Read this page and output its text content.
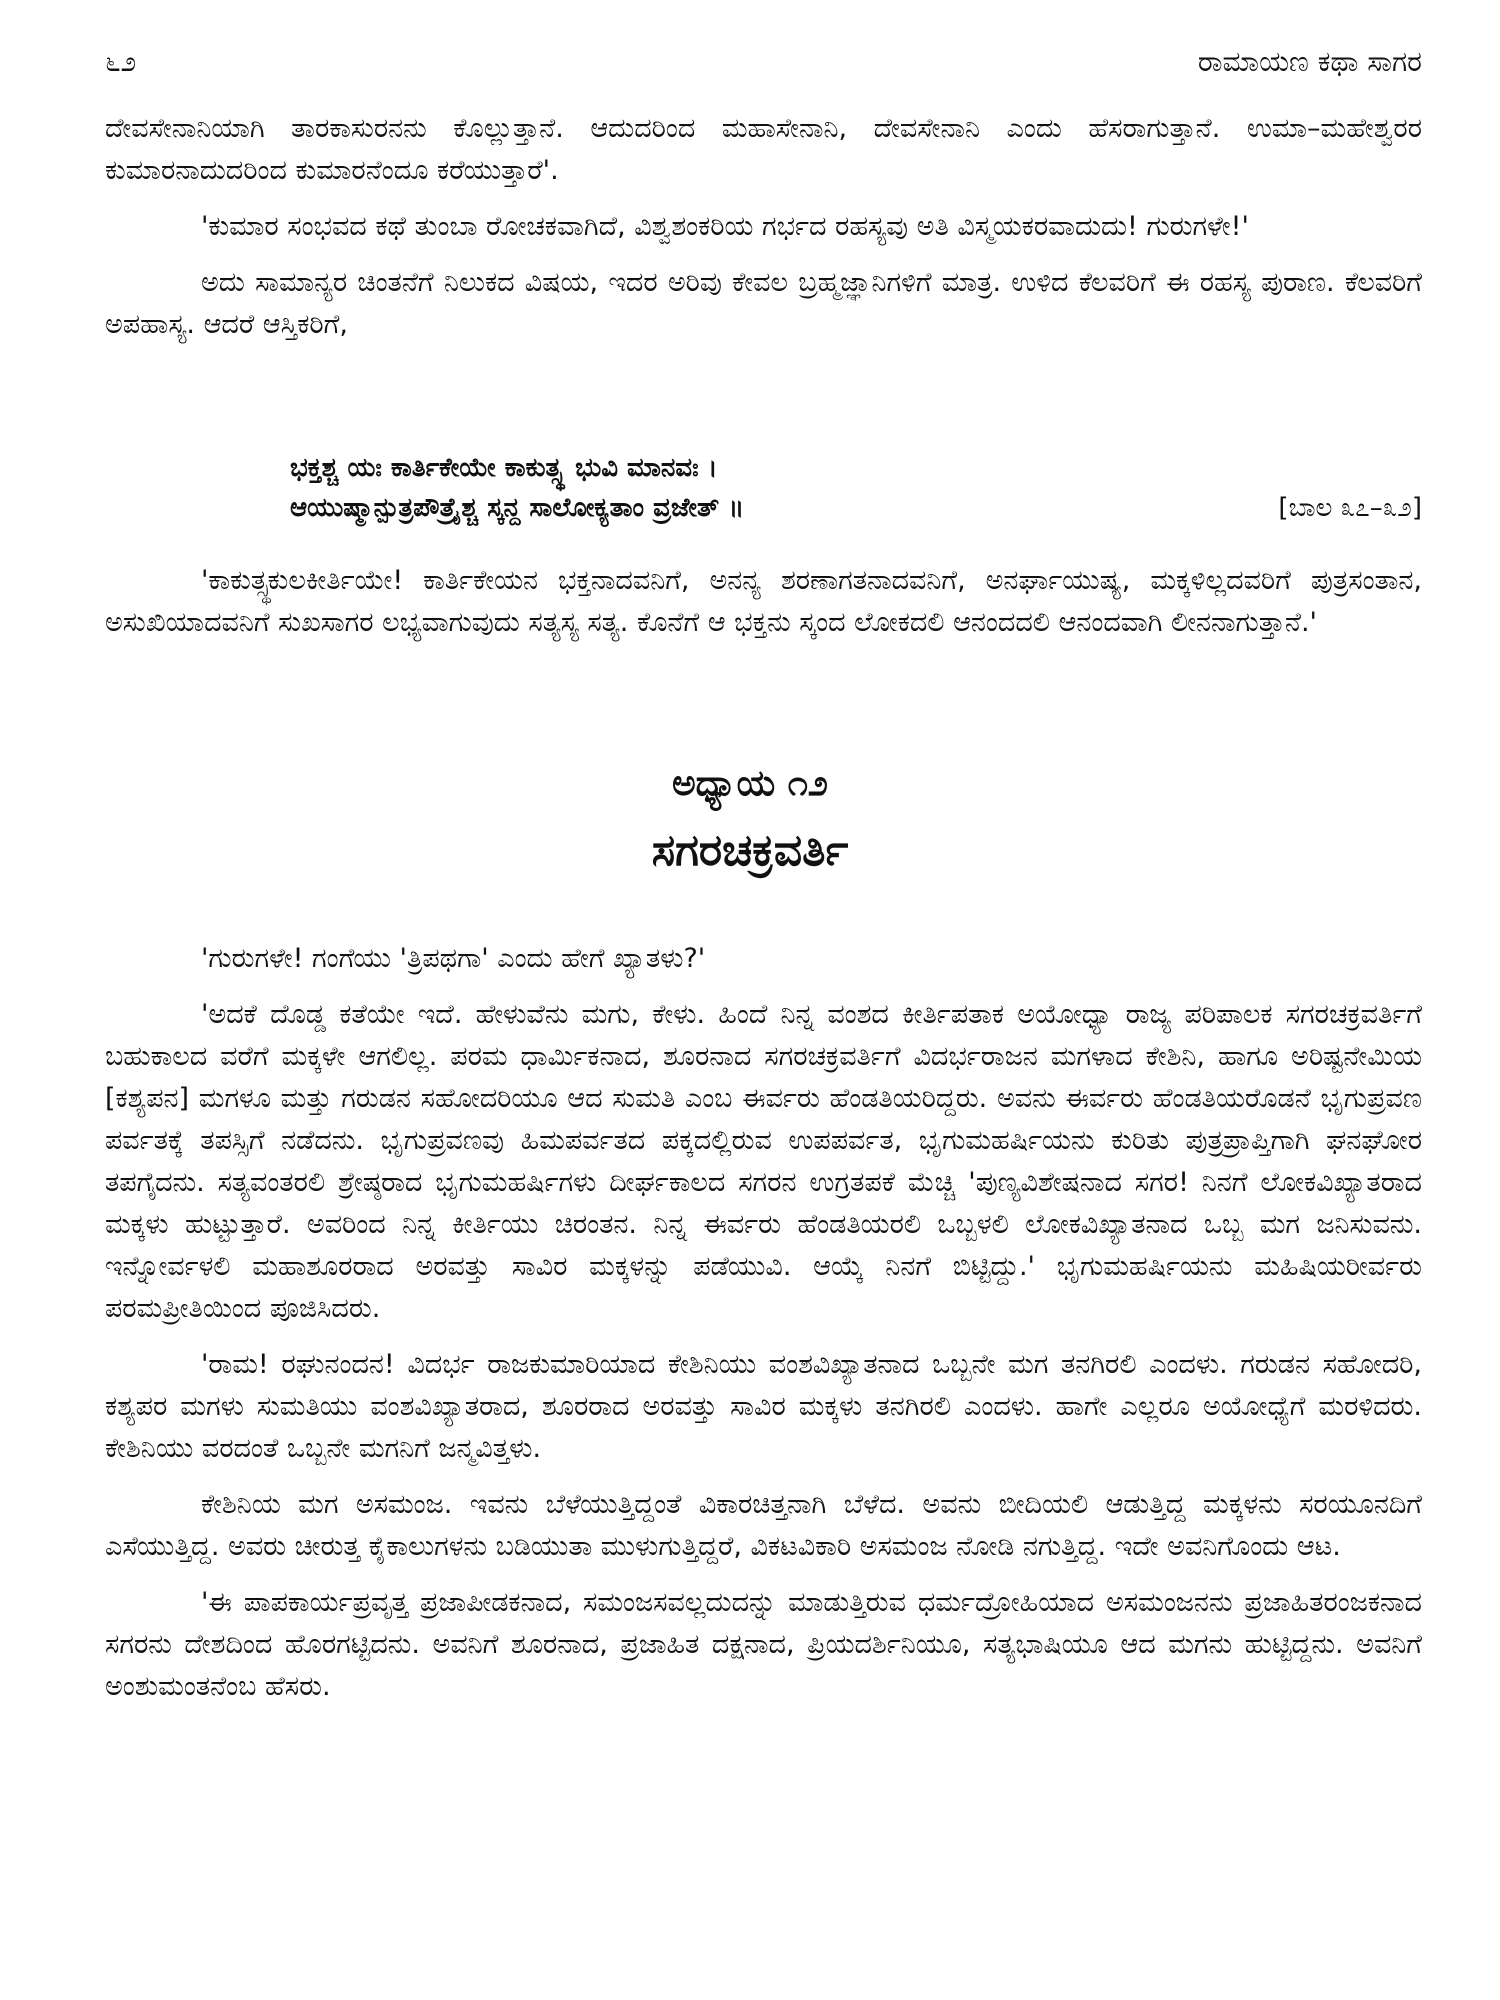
೬೨	ರಾಮಾಯಣ ಕಥಾ ಸಾಗರ

ದೇವಸೇನಾನಿಯಾಗಿ ತಾರಕಾಸುರನನು ಕೊಲ್ಲುತ್ತಾನೆ. ಆದುದರಿಂದ ಮಹಾಸೇನಾನಿ, ದೇವಸೇನಾನಿ ಎಂದು ಹೆಸರಾಗುತ್ತಾನೆ. ಉಮಾ–ಮಹೇಶ್ವರರ ಕುಮಾರನಾದುದರಿಂದ ಕುಮಾರನೆಂದೂ ಕರೆಯುತ್ತಾರೆ'.

'ಕುಮಾರ ಸಂಭವದ ಕಥೆ ತುಂಬಾ ರೋಚಕವಾಗಿದೆ, ವಿಶ್ವಶಂಕರಿಯ ಗರ್ಭದ ರಹಸ್ಯವು ಅತಿ ವಿಸ್ಮಯಕರವಾದುದು! ಗುರುಗಳೇ!'

ಅದು ಸಾಮಾನ್ಯರ ಚಿಂತನೆಗೆ ನಿಲುಕದ ವಿಷಯ, ಇದರ ಅರಿವು ಕೇವಲ ಬ್ರಹ್ಮಜ್ಞಾನಿಗಳಿಗೆ ಮಾತ್ರ. ಉಳಿದ ಕೆಲವರಿಗೆ ಈ ರಹಸ್ಯ ಪುರಾಣ. ಕೆಲವರಿಗೆ ಅಪಹಾಸ್ಯ. ಆದರೆ ಆಸ್ತಿಕರಿಗೆ,

ಭಕ್ತಶ್ಚ ಯಃ ಕಾರ್ತಿಕೇಯೇ ಕಾಕುತ್ಸ್ಥ ಭುವಿ ಮಾನವಃ ।
ಆಯುಷ್ಮಾನ್ಪುತ್ರಪೌತ್ರೈಶ್ಚ ಸ್ಕನ್ದ ಸಾಲೋಕ್ಯತಾಂ ವ್ರಜೇತ್ ॥	[ಬಾಲ ೩೭–೩೨]

'ಕಾಕುತ್ಸ್ಥಕುಲಕೀರ್ತಿಯೇ! ಕಾರ್ತಿಕೇಯನ ಭಕ್ತನಾದವನಿಗೆ, ಅನನ್ಯ ಶರಣಾಗತನಾದವನಿಗೆ, ಅನರ್ಘಾಯುಷ್ಯ, ಮಕ್ಕಳಿಲ್ಲದವರಿಗೆ ಪುತ್ರಸಂತಾನ, ಅಸುಖಿಯಾದವನಿಗೆ ಸುಖಸಾಗರ ಲಭ್ಯವಾಗುವುದು ಸತ್ಯಸ್ಯ ಸತ್ಯ. ಕೊನೆಗೆ ಆ ಭಕ್ತನು ಸ್ಕಂದ ಲೋಕದಲಿ ಆನಂದದಲಿ ಆನಂದವಾಗಿ ಲೀನನಾಗುತ್ತಾನೆ.'

ಅಧ್ಯಾಯ ೧೨
ಸಗರಚಕ್ರವರ್ತಿ

'ಗುರುಗಳೇ! ಗಂಗೆಯು 'ತ್ರಿಪಥಗಾ' ಎಂದು ಹೇಗೆ ಖ್ಯಾತಳು?'

'ಅದಕೆ ದೊಡ್ಡ ಕತೆಯೇ ಇದೆ. ಹೇಳುವೆನು ಮಗು, ಕೇಳು. ಹಿಂದೆ ನಿನ್ನ ವಂಶದ ಕೀರ್ತಿಪತಾಕ ಅಯೋಧ್ಯಾ ರಾಜ್ಯ ಪರಿಪಾಲಕ ಸಗರಚಕ್ರವರ್ತಿಗೆ ಬಹುಕಾಲದ ವರೆಗೆ ಮಕ್ಕಳೇ ಆಗಲಿಲ್ಲ. ಪರಮ ಧಾರ್ಮಿಕನಾದ, ಶೂರನಾದ ಸಗರಚಕ್ರವರ್ತಿಗೆ ವಿದರ್ಭರಾಜನ ಮಗಳಾದ ಕೇಶಿನಿ, ಹಾಗೂ ಅರಿಷ್ಟನೇಮಿಯ [ಕಶ್ಯಪನ] ಮಗಳೂ ಮತ್ತು ಗರುಡನ ಸಹೋದರಿಯೂ ಆದ ಸುಮತಿ ಎಂಬ ಈರ್ವರು ಹೆಂಡತಿಯರಿದ್ದರು. ಅವನು ಈರ್ವರು ಹೆಂಡತಿಯರೊಡನೆ ಭೃಗುಪ್ರವಣ ಪರ್ವತಕ್ಕೆ ತಪಸ್ಸಿಗೆ ನಡೆದನು. ಭೃಗುಪ್ರವಣವು ಹಿಮಪರ್ವತದ ಪಕ್ಕದಲ್ಲಿರುವ ಉಪಪರ್ವತ, ಭೃಗುಮಹರ್ಷಿಯನು ಕುರಿತು ಪುತ್ರಪ್ರಾಪ್ತಿಗಾಗಿ ಘನಘೋರ ತಪಗೈದನು. ಸತ್ಯವಂತರಲಿ ಶ್ರೇಷ್ಠರಾದ ಭೃಗುಮಹರ್ಷಿಗಳು ದೀರ್ಘಕಾಲದ ಸಗರನ ಉಗ್ರತಪಕೆ ಮೆಚ್ಚಿ 'ಪುಣ್ಯವಿಶೇಷನಾದ ಸಗರ! ನಿನಗೆ ಲೋಕವಿಖ್ಯಾತರಾದ ಮಕ್ಕಳು ಹುಟ್ಟುತ್ತಾರೆ. ಅವರಿಂದ ನಿನ್ನ ಕೀರ್ತಿಯು ಚಿರಂತನ. ನಿನ್ನ ಈರ್ವರು ಹೆಂಡತಿಯರಲಿ ಒಬ್ಬಳಲಿ ಲೋಕವಿಖ್ಯಾತನಾದ ಒಬ್ಬ ಮಗ ಜನಿಸುವನು. ಇನ್ನೋರ್ವಳಲಿ ಮಹಾಶೂರರಾದ ಅರವತ್ತು ಸಾವಿರ ಮಕ್ಕಳನ್ನು ಪಡೆಯುವಿ. ಆಯ್ಕೆ ನಿನಗೆ ಬಿಟ್ಟಿದ್ದು.' ಭೃಗುಮಹರ್ಷಿಯನು ಮಹಿಷಿಯರೀರ್ವರು ಪರಮಪ್ರೀತಿಯಿಂದ ಪೂಜಿಸಿದರು.

'ರಾಮ! ರಘುನಂದನ! ವಿದರ್ಭ ರಾಜಕುಮಾರಿಯಾದ ಕೇಶಿನಿಯು ವಂಶವಿಖ್ಯಾತನಾದ ಒಬ್ಬನೇ ಮಗ ತನಗಿರಲಿ ಎಂದಳು. ಗರುಡನ ಸಹೋದರಿ, ಕಶ್ಯಪರ ಮಗಳು ಸುಮತಿಯು ವಂಶವಿಖ್ಯಾತರಾದ, ಶೂರರಾದ ಅರವತ್ತು ಸಾವಿರ ಮಕ್ಕಳು ತನಗಿರಲಿ ಎಂದಳು. ಹಾಗೇ ಎಲ್ಲರೂ ಅಯೋಧ್ಯೆಗೆ ಮರಳಿದರು. ಕೇಶಿನಿಯು ವರದಂತೆ ಒಬ್ಬನೇ ಮಗನಿಗೆ ಜನ್ಮವಿತ್ತಳು.

ಕೇಶಿನಿಯ ಮಗ ಅಸಮಂಜ. ಇವನು ಬೆಳೆಯುತ್ತಿದ್ದಂತೆ ವಿಕಾರಚಿತ್ತನಾಗಿ ಬೆಳೆದ. ಅವನು ಬೀದಿಯಲಿ ಆಡುತ್ತಿದ್ದ ಮಕ್ಕಳನು ಸರಯೂನದಿಗೆ ಎಸೆಯುತ್ತಿದ್ದ. ಅವರು ಚೀರುತ್ತ ಕೈಕಾಲುಗಳನು ಬಡಿಯುತಾ ಮುಳುಗುತ್ತಿದ್ದರೆ, ವಿಕಟವಿಕಾರಿ ಅಸಮಂಜ ನೋಡಿ ನಗುತ್ತಿದ್ದ. ಇದೇ ಅವನಿಗೊಂದು ಆಟ.

'ಈ ಪಾಪಕಾರ್ಯಪ್ರವೃತ್ತ ಪ್ರಜಾಪೀಡಕನಾದ, ಸಮಂಜಸವಲ್ಲದುದನ್ನು ಮಾಡುತ್ತಿರುವ ಧರ್ಮದ್ರೋಹಿಯಾದ ಅಸಮಂಜನನು ಪ್ರಜಾಹಿತರಂಜಕನಾದ ಸಗರನು ದೇಶದಿಂದ ಹೊರಗಟ್ಟಿದನು. ಅವನಿಗೆ ಶೂರನಾದ, ಪ್ರಜಾಹಿತ ದಕ್ಷನಾದ, ಪ್ರಿಯದರ್ಶಿನಿಯೂ, ಸತ್ಯಭಾಷಿಯೂ ಆದ ಮಗನು ಹುಟ್ಟಿದ್ದನು. ಅವನಿಗೆ ಅಂಶುಮಂತನೆಂಬ ಹೆಸರು.
